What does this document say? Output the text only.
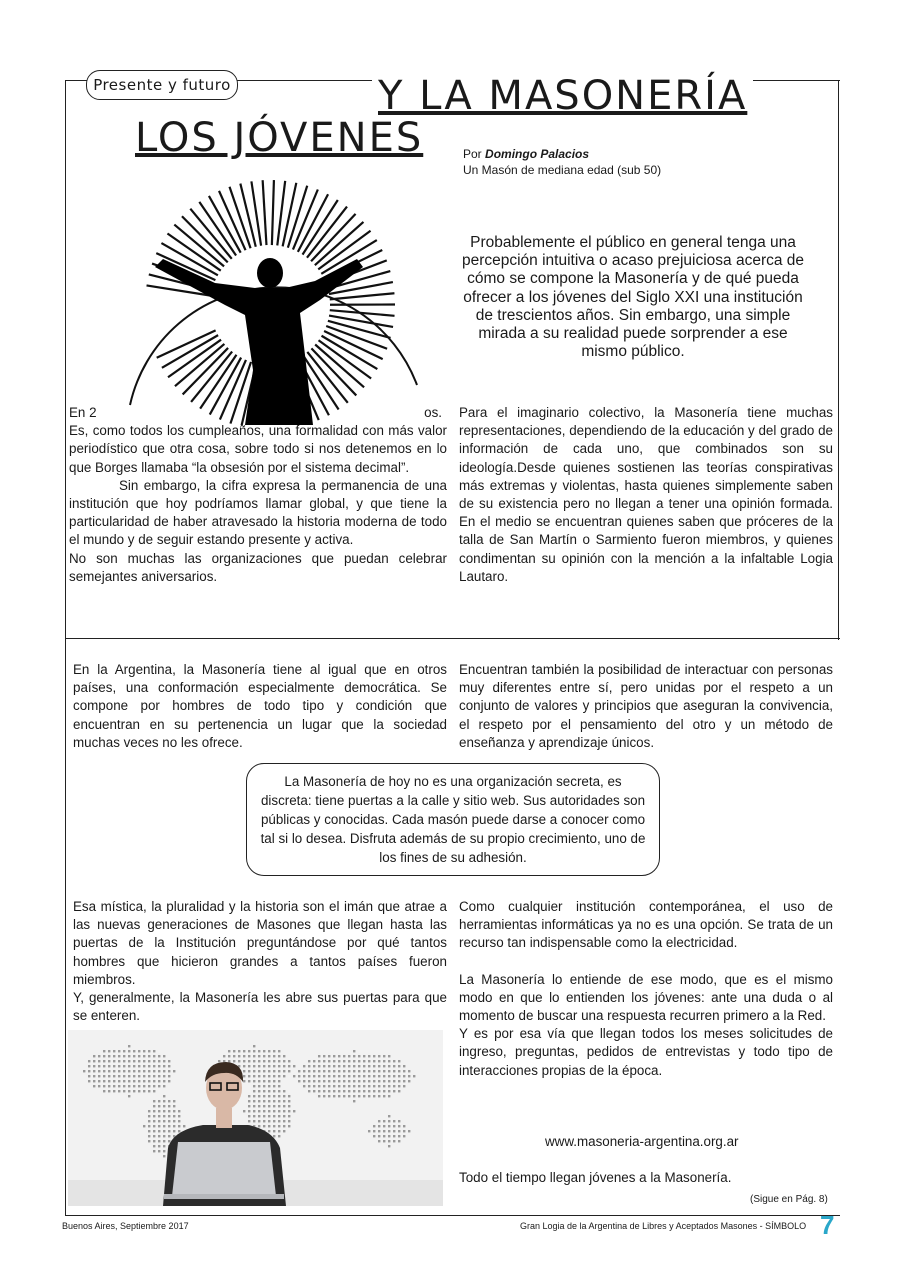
Presente y futuro	Y LA MASONERÍA
LOS JÓVENES	Por Domingo Palacios
Un Masón de mediana edad (sub 50)
Probablemente el público en general tenga una percepción intuitiva o acaso prejuiciosa acerca de cómo se compone la Masonería y de qué pueda ofrecer a los jóvenes del Siglo XXI una institución de trescientos años. Sin embargo, una simple mirada a su realidad puede sorprender a ese mismo público.

En 2	os.

Es, como todos los cumpleaños, una formalidad con más valor periodístico que otra cosa, sobre todo si nos detenemos en lo que Borges llamaba “la obsesión por el sistema decimal”.

Sin embargo, la cifra expresa la permanencia de una institución que hoy podríamos llamar global, y que tiene la particularidad de haber atravesado la historia moderna de todo el mundo y de seguir estando presente y activa.

No son muchas las organizaciones que puedan celebrar semejantes aniversarios.

Para el imaginario colectivo, la Masonería tiene muchas representaciones, dependiendo de la educación y del grado de información de cada uno, que combinados son su ideología.Desde quienes sostienen las teorías conspirativas más extremas y violentas, hasta quienes simplemente saben de su existencia pero no llegan a tener una opinión formada. En el medio se encuentran quienes saben que próceres de la talla de San Martín o Sarmiento fueron miembros, y quienes condimentan su opinión con la mención a la infaltable Logia Lautaro.

En la Argentina, la Masonería tiene al igual que en otros países, una conformación especialmente democrática. Se compone por hombres de todo tipo y condición que encuentran en su pertenencia un lugar que la sociedad muchas veces no les ofrece.

Encuentran también la posibilidad de interactuar con personas muy diferentes entre sí, pero unidas por el respeto a un conjunto de valores y principios que aseguran la convivencia, el respeto por el pensamiento del otro y un método de enseñanza y aprendizaje únicos.

La Masonería de hoy no es una organización secreta, es discreta: tiene puertas a la calle y sitio web. Sus autoridades son públicas y conocidas. Cada masón puede darse a conocer como tal si lo desea. Disfruta además de su propio crecimiento, uno de los fines de su adhesión.

Esa mística, la pluralidad y la historia son el imán que atrae a las nuevas generaciones de Masones que llegan hasta las puertas de la Institución preguntándose por qué tantos hombres que hicieron grandes a tantos países fueron miembros.

Y, generalmente, la Masonería les abre sus puertas para que se enteren.

Como cualquier institución contemporánea, el uso de herramientas informáticas ya no es una opción. Se trata de un recurso tan indispensable como la electricidad.

La Masonería lo entiende de ese modo, que es el mismo modo en que lo entienden los jóvenes: ante una duda o al momento de buscar una respuesta recurren primero a la Red.

Y es por esa vía que llegan todos los meses solicitudes de ingreso, preguntas, pedidos de entrevistas y todo tipo de interacciones propias de la época.

www.masoneria-argentina.org.ar
Todo el tiempo llegan jóvenes a la Masonería.
(Sigue en Pág. 8)
Buenos Aires, Septiembre 2017	Gran Logia de la Argentina de Libres y Aceptados Masones - SÍMBOLO 7
